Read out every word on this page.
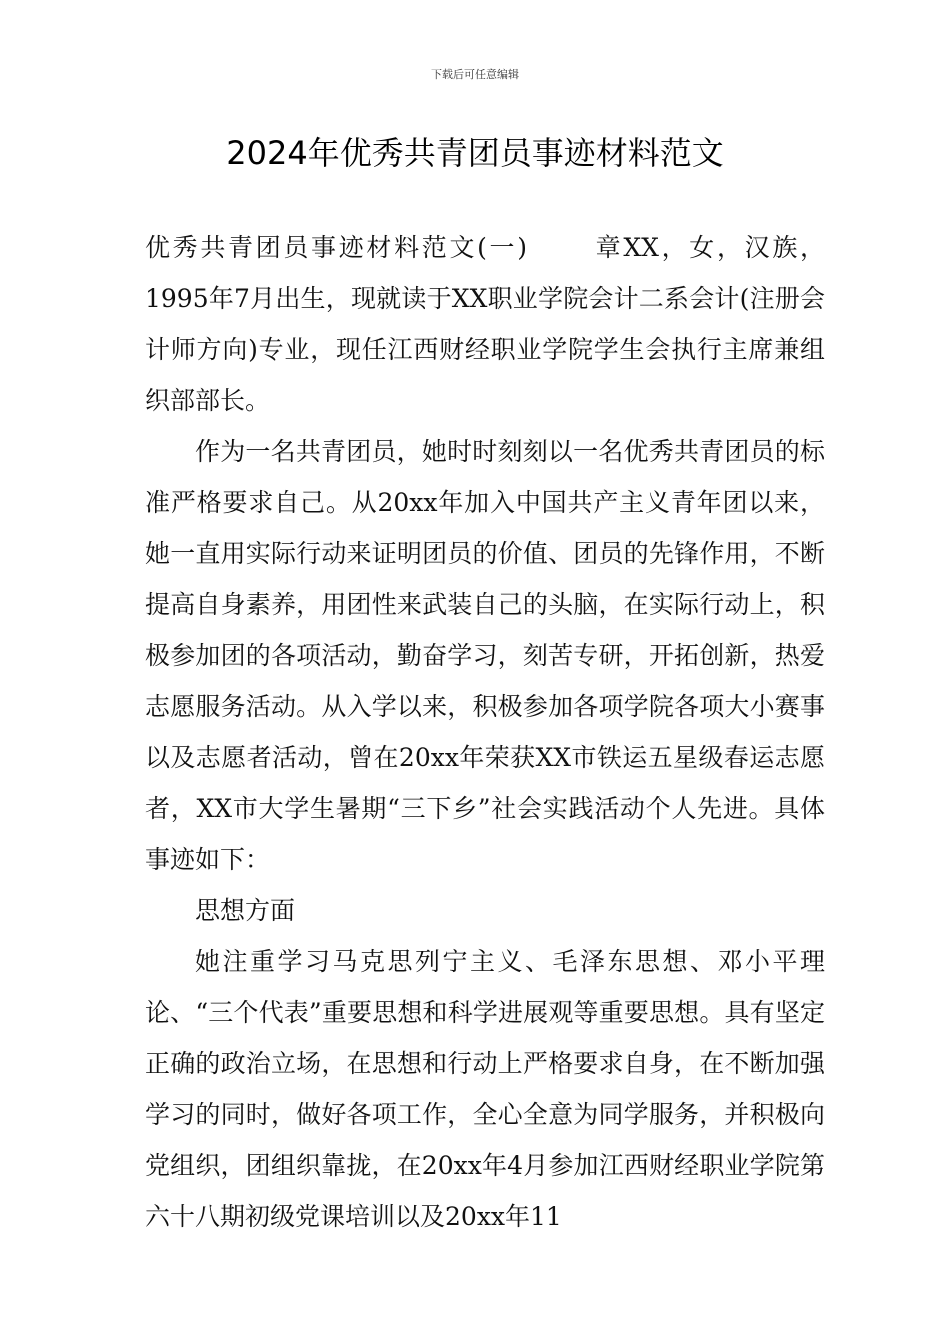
下载后可任意编辑
2024年优秀共青团员事迹材料范文

优秀共青团员事迹材料范文(一)	章XX，女，汉族，1995年7月出生，现就读于XX职业学院会计二系会计(注册会计师方向)专业，现任江西财经职业学院学生会执行主席兼组织部部长。

作为一名共青团员，她时时刻刻以一名优秀共青团员的标准严格要求自己。从20xx年加入中国共产主义青年团以来，她一直用实际行动来证明团员的价值、团员的先锋作用，不断提高自身素养，用团性来武装自己的头脑，在实际行动上，积极参加团的各项活动，勤奋学习，刻苦专研，开拓创新，热爱志愿服务活动。从入学以来，积极参加各项学院各项大小赛事以及志愿者活动，曾在20xx年荣获XX市铁运五星级春运志愿者，XX市大学生暑期“三下乡”社会实践活动个人先进。具体事迹如下：

思想方面

她注重学习马克思列宁主义、毛泽东思想、邓小平理论、“三个代表”重要思想和科学进展观等重要思想。具有坚定正确的政治立场，在思想和行动上严格要求自身，在不断加强学习的同时，做好各项工作，全心全意为同学服务，并积极向党组织，团组织靠拢，在20xx年4月参加江西财经职业学院第六十八期初级党课培训以及20xx年11
